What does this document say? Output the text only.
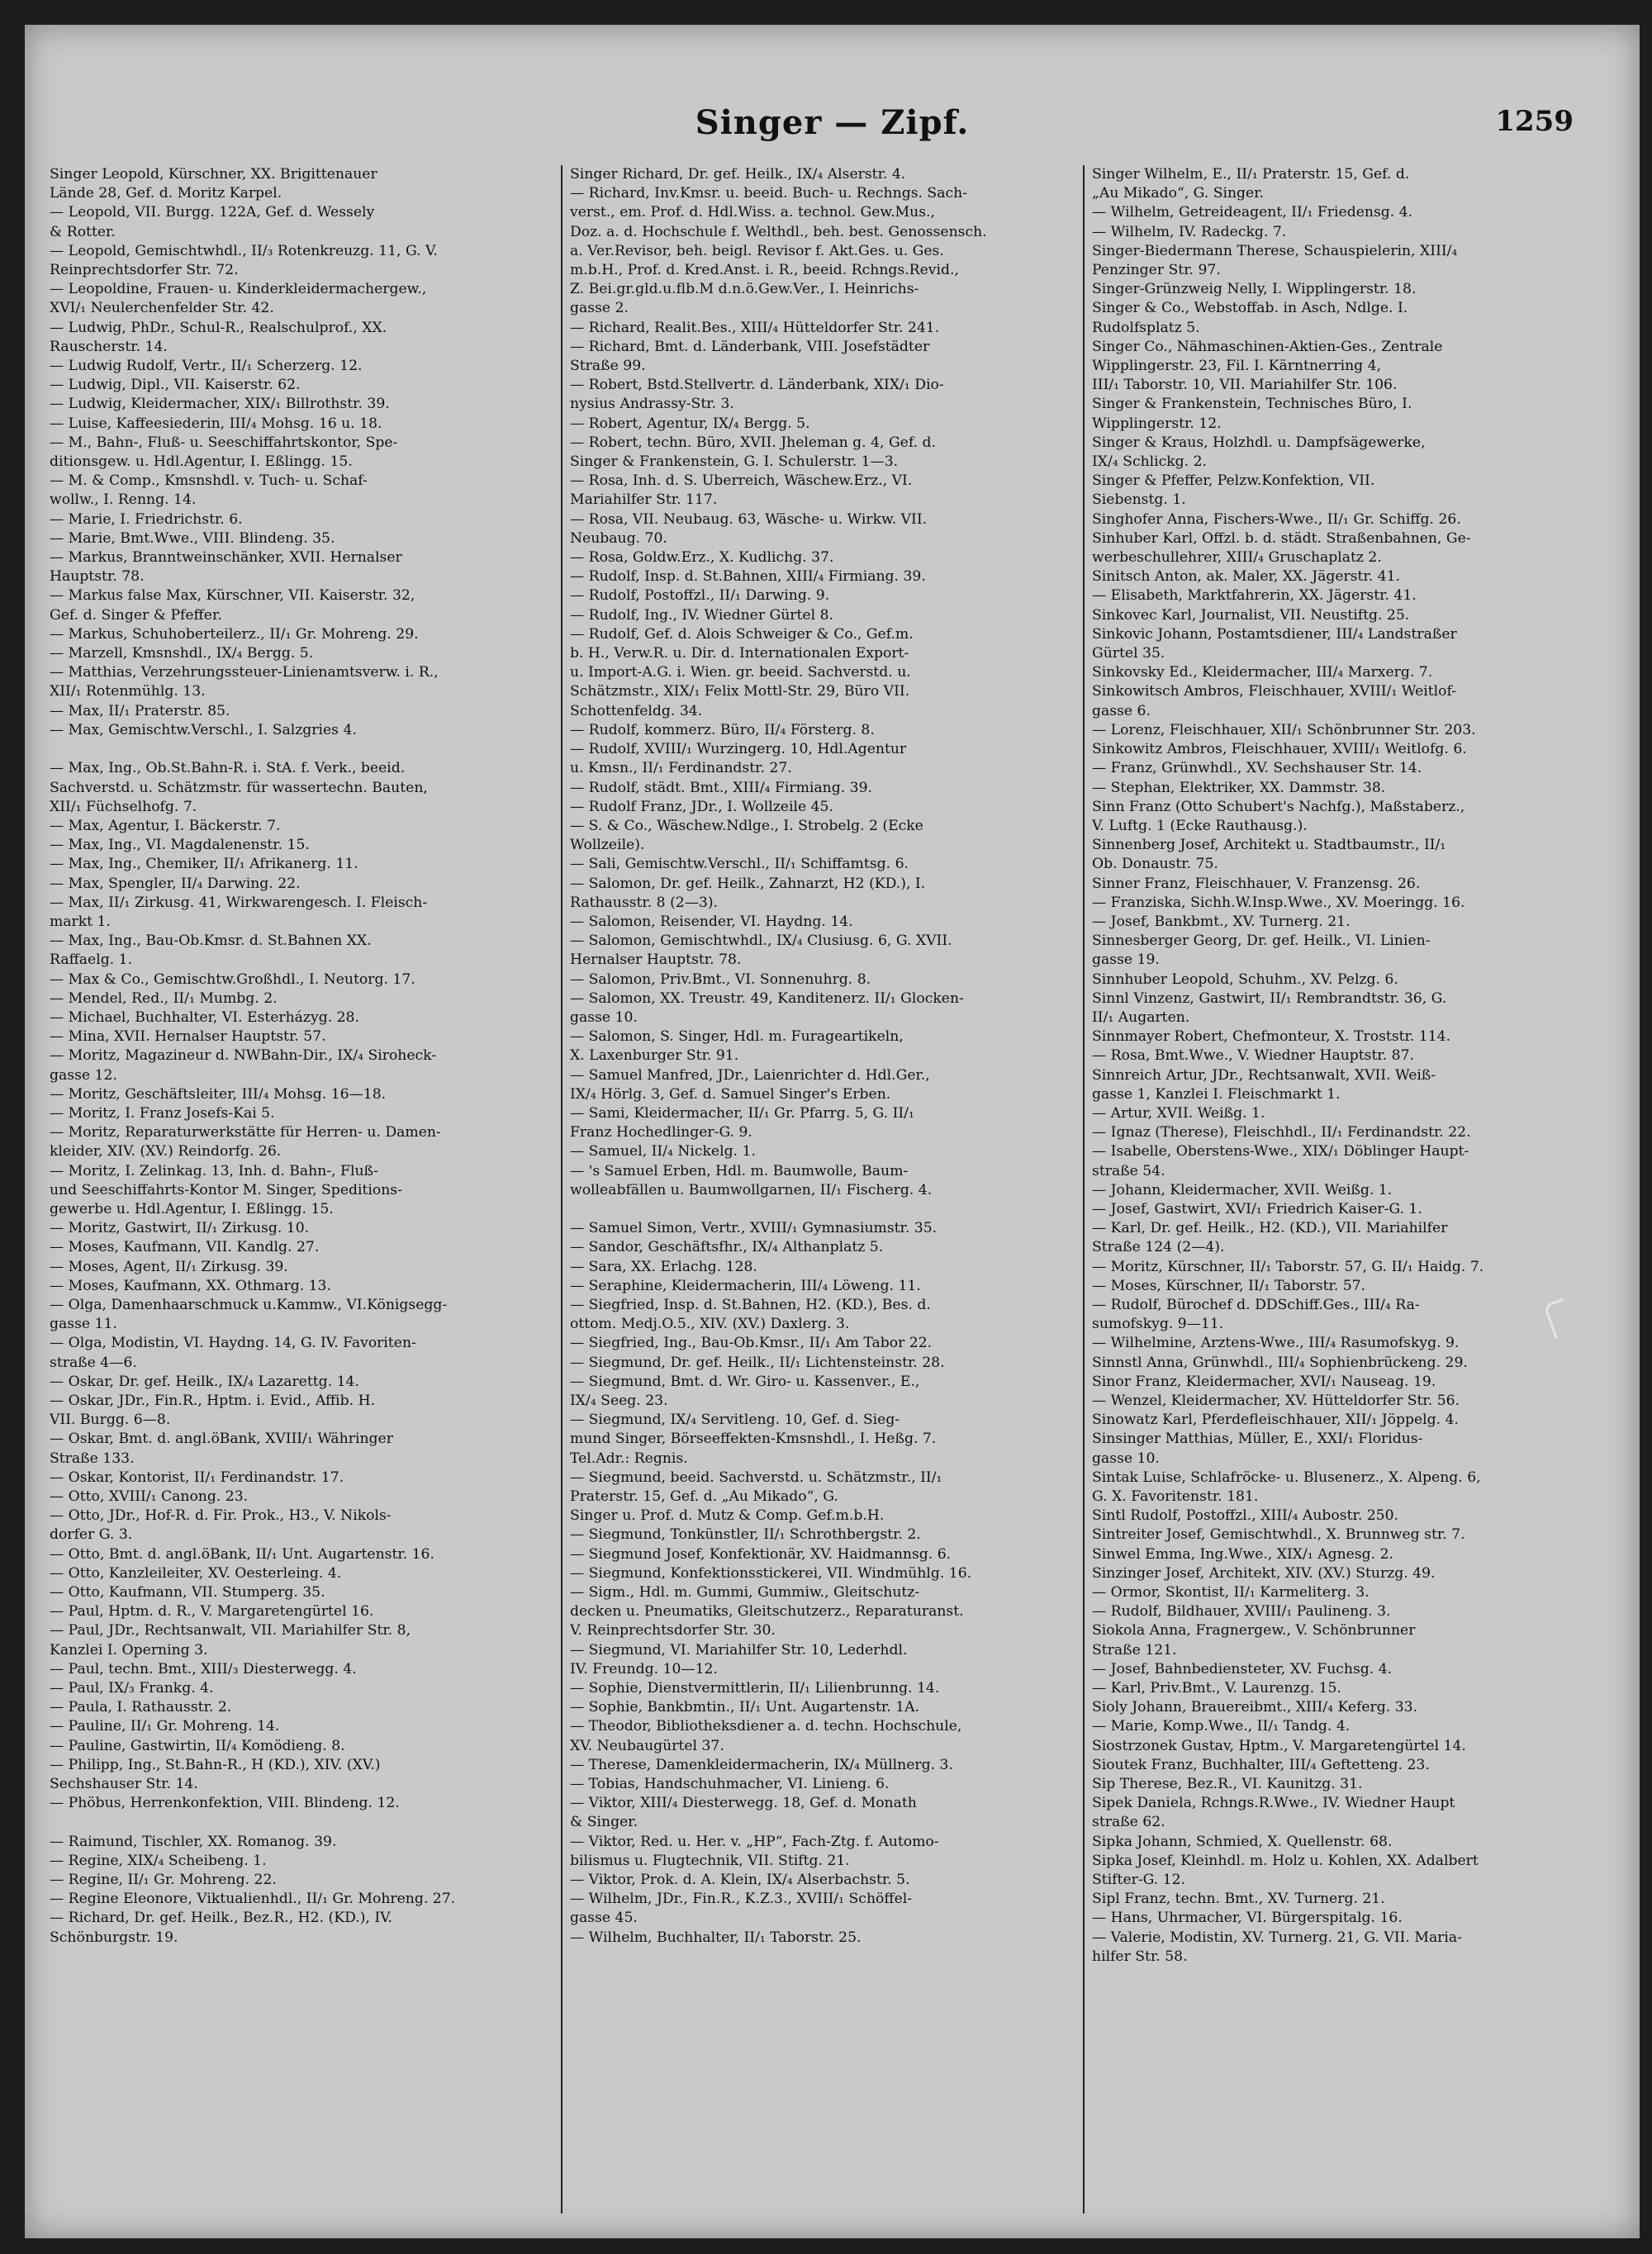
Singer — Zipf.	1259
Singer Leopold, Kürschner, XX. Brigittenauer
Lände 28, Gef. d. Moritz Karpel.
— Leopold, VII. Burgg. 122A, Gef. d. Wessely
& Rotter.
— Leopold, Gemischtwhdl., II/₃ Rotenkreuzg. 11, G. V.
Reinprechtsdorfer Str. 72.
— Leopoldine, Frauen- u. Kinderkleidermachergew.,
XVI/₁ Neulerchenfelder Str. 42.
— Ludwig, PhDr., Schul-R., Realschulprof., XX.
Rauscherstr. 14.
— Ludwig Rudolf, Vertr., II/₁ Scherzerg. 12.
— Ludwig, Dipl., VII. Kaiserstr. 62.
— Ludwig, Kleidermacher, XIX/₁ Billrothstr. 39.
— Luise, Kaffeesiederin, III/₄ Mohsg. 16 u. 18.
— M., Bahn-, Fluß- u. Seeschiffahrtskontor, Spe-
ditionsgew. u. Hdl.Agentur, I. Eßlingg. 15.
— M. & Comp., Kmsnshdl. v. Tuch- u. Schaf-
wollw., I. Renng. 14.
— Marie, I. Friedrichstr. 6.
— Marie, Bmt.Wwe., VIII. Blindeng. 35.
— Markus, Branntweinschänker, XVII. Hernalser
Hauptstr. 78.
— Markus false Max, Kürschner, VII. Kaiserstr. 32,
Gef. d. Singer & Pfeffer.
— Markus, Schuhoberteilerz., II/₁ Gr. Mohreng. 29.
— Marzell, Kmsnshdl., IX/₄ Bergg. 5.
— Matthias, Verzehrungssteuer-Linienamtsverw. i. R.,
XII/₁ Rotenmühlg. 13.
— Max, II/₁ Praterstr. 85.
— Max, Gemischtw.Verschl., I. Salzgries 4.

— Max, Ing., Ob.St.Bahn-R. i. StA. f. Verk., beeid.
Sachverstd. u. Schätzmstr. für wassertechn. Bauten,
XII/₁ Füchselhofg. 7.
— Max, Agentur, I. Bäckerstr. 7.
— Max, Ing., VI. Magdalenenstr. 15.
— Max, Ing., Chemiker, II/₁ Afrikanerg. 11.
— Max, Spengler, II/₄ Darwing. 22.
— Max, II/₁ Zirkusg. 41, Wirkwarengesch. I. Fleisch-
markt 1.
— Max, Ing., Bau-Ob.Kmsr. d. St.Bahnen XX.
Raffaelg. 1.
— Max & Co., Gemischtw.Großhdl., I. Neutorg. 17.
— Mendel, Red., II/₁ Mumbg. 2.
— Michael, Buchhalter, VI. Esterházyg. 28.
— Mina, XVII. Hernalser Hauptstr. 57.
— Moritz, Magazineur d. NWBahn-Dir., IX/₄ Siroheck-
gasse 12.
— Moritz, Geschäftsleiter, III/₄ Mohsg. 16—18.
— Moritz, I. Franz Josefs-Kai 5.
— Moritz, Reparaturwerkstätte für Herren- u. Damen-
kleider, XIV. (XV.) Reindorfg. 26.
— Moritz, I. Zelinkag. 13, Inh. d. Bahn-, Fluß-
und Seeschiffahrts-Kontor M. Singer, Speditions-
gewerbe u. Hdl.Agentur, I. Eßlingg. 15.
— Moritz, Gastwirt, II/₁ Zirkusg. 10.
— Moses, Kaufmann, VII. Kandlg. 27.
— Moses, Agent, II/₁ Zirkusg. 39.
— Moses, Kaufmann, XX. Othmarg. 13.
— Olga, Damenhaarschmuck u.Kammw., VI.Königsegg-
gasse 11.
— Olga, Modistin, VI. Haydng. 14, G. IV. Favoriten-
straße 4—6.
— Oskar, Dr. gef. Heilk., IX/₄ Lazarettg. 14.
— Oskar, JDr., Fin.R., Hptm. i. Evid., Affib. H.
VII. Burgg. 6—8.
— Oskar, Bmt. d. angl.öBank, XVIII/₁ Währinger
Straße 133.
— Oskar, Kontorist, II/₁ Ferdinandstr. 17.
— Otto, XVIII/₁ Canong. 23.
— Otto, JDr., Hof-R. d. Fir. Prok., H3., V. Nikols-
dorfer G. 3.
— Otto, Bmt. d. angl.öBank, II/₁ Unt. Augartenstr. 16.
— Otto, Kanzleileiter, XV. Oesterleing. 4.
— Otto, Kaufmann, VII. Stumperg. 35.
— Paul, Hptm. d. R., V. Margaretengürtel 16.
— Paul, JDr., Rechtsanwalt, VII. Mariahilfer Str. 8,
Kanzlei I. Operning 3.
— Paul, techn. Bmt., XIII/₃ Diesterwegg. 4.
— Paul, IX/₃ Frankg. 4.
— Paula, I. Rathausstr. 2.
— Pauline, II/₁ Gr. Mohreng. 14.
— Pauline, Gastwirtin, II/₄ Komödieng. 8.
— Philipp, Ing., St.Bahn-R., H (KD.), XIV. (XV.)
Sechshauser Str. 14.
— Phöbus, Herrenkonfektion, VIII. Blindeng. 12.

— Raimund, Tischler, XX. Romanog. 39.
— Regine, XIX/₄ Scheibeng. 1.
— Regine, II/₁ Gr. Mohreng. 22.
— Regine Eleonore, Viktualienhdl., II/₁ Gr. Mohreng. 27.
— Richard, Dr. gef. Heilk., Bez.R., H2. (KD.), IV.
Schönburgstr. 19.
Singer Richard, Dr. gef. Heilk., IX/₄ Alserstr. 4.
— Richard, Inv.Kmsr. u. beeid. Buch- u. Rechngs. Sach-
verst., em. Prof. d. Hdl.Wiss. a. technol. Gew.Mus.,
Doz. a. d. Hochschule f. Welthdl., beh. best. Genossensch.
a. Ver.Revisor, beh. beigl. Revisor f. Akt.Ges. u. Ges.
m.b.H., Prof. d. Kred.Anst. i. R., beeid. Rchngs.Revid.,
Z. Bei.gr.gld.u.flb.M d.n.ö.Gew.Ver., I. Heinrichs-
gasse 2.
— Richard, Realit.Bes., XIII/₄ Hütteldorfer Str. 241.
— Richard, Bmt. d. Länderbank, VIII. Josefstädter
Straße 99.
— Robert, Bstd.Stellvertr. d. Länderbank, XIX/₁ Dio-
nysius Andrassy-Str. 3.
— Robert, Agentur, IX/₄ Bergg. 5.
— Robert, techn. Büro, XVII. Jheleman g. 4, Gef. d.
Singer & Frankenstein, G. I. Schulerstr. 1—3.
— Rosa, Inh. d. S. Uberreich, Wäschew.Erz., VI.
Mariahilfer Str. 117.
— Rosa, VII. Neubaug. 63, Wäsche- u. Wirkw. VII.
Neubaug. 70.
— Rosa, Goldw.Erz., X. Kudlichg. 37.
— Rudolf, Insp. d. St.Bahnen, XIII/₄ Firmiang. 39.
— Rudolf, Postoffzl., II/₁ Darwing. 9.
— Rudolf, Ing., IV. Wiedner Gürtel 8.
— Rudolf, Gef. d. Alois Schweiger & Co., Gef.m.
b. H., Verw.R. u. Dir. d. Internationalen Export-
u. Import-A.G. i. Wien. gr. beeid. Sachverstd. u.
Schätzmstr., XIX/₁ Felix Mottl-Str. 29, Büro VII.
Schottenfeldg. 34.
— Rudolf, kommerz. Büro, II/₄ Försterg. 8.
— Rudolf, XVIII/₁ Wurzingerg. 10, Hdl.Agentur
u. Kmsn., II/₁ Ferdinandstr. 27.
— Rudolf, städt. Bmt., XIII/₄ Firmiang. 39.
— Rudolf Franz, JDr., I. Wollzeile 45.
— S. & Co., Wäschew.Ndlge., I. Strobelg. 2 (Ecke
Wollzeile).
— Sali, Gemischtw.Verschl., II/₁ Schiffamtsg. 6.
— Salomon, Dr. gef. Heilk., Zahnarzt, H2 (KD.), I.
Rathausstr. 8 (2—3).
— Salomon, Reisender, VI. Haydng. 14.
— Salomon, Gemischtwhdl., IX/₄ Clusiusg. 6, G. XVII.
Hernalser Hauptstr. 78.
— Salomon, Priv.Bmt., VI. Sonnenuhrg. 8.
— Salomon, XX. Treustr. 49, Kanditenerz. II/₁ Glocken-
gasse 10.
— Salomon, S. Singer, Hdl. m. Furageartikeln,
X. Laxenburger Str. 91.
— Samuel Manfred, JDr., Laienrichter d. Hdl.Ger.,
IX/₄ Hörlg. 3, Gef. d. Samuel Singer's Erben.
— Sami, Kleidermacher, II/₁ Gr. Pfarrg. 5, G. II/₁
Franz Hochedlinger-G. 9.
— Samuel, II/₄ Nickelg. 1.
— 's Samuel Erben, Hdl. m. Baumwolle, Baum-
wolleabfällen u. Baumwollgarnen, II/₁ Fischerg. 4.

— Samuel Simon, Vertr., XVIII/₁ Gymnasiumstr. 35.
— Sandor, Geschäftsfhr., IX/₄ Althanplatz 5.
— Sara, XX. Erlachg. 128.
— Seraphine, Kleidermacherin, III/₄ Löweng. 11.
— Siegfried, Insp. d. St.Bahnen, H2. (KD.), Bes. d.
ottom. Medj.O.5., XIV. (XV.) Daxlerg. 3.
— Siegfried, Ing., Bau-Ob.Kmsr., II/₁ Am Tabor 22.
— Siegmund, Dr. gef. Heilk., II/₁ Lichtensteinstr. 28.
— Siegmund, Bmt. d. Wr. Giro- u. Kassenver., E.,
IX/₄ Seeg. 23.
— Siegmund, IX/₄ Servitleng. 10, Gef. d. Sieg-
mund Singer, Börseeffekten-Kmsnshdl., I. Heßg. 7.
Tel.Adr.: Regnis.
— Siegmund, beeid. Sachverstd. u. Schätzmstr., II/₁
Praterstr. 15, Gef. d. „Au Mikado“, G.
Singer u. Prof. d. Mutz & Comp. Gef.m.b.H.
— Siegmund, Tonkünstler, II/₁ Schrothbergstr. 2.
— Siegmund Josef, Konfektionär, XV. Haidmannsg. 6.
— Siegmund, Konfektionsstickerei, VII. Windmühlg. 16.
— Sigm., Hdl. m. Gummi, Gummiw., Gleitschutz-
decken u. Pneumatiks, Gleitschutzerz., Reparaturanst.
V. Reinprechtsdorfer Str. 30.
— Siegmund, VI. Mariahilfer Str. 10, Lederhdl.
IV. Freundg. 10—12.
— Sophie, Dienstvermittlerin, II/₁ Lilienbrunng. 14.
— Sophie, Bankbmtin., II/₁ Unt. Augartenstr. 1A.
— Theodor, Bibliotheksdiener a. d. techn. Hochschule,
XV. Neubaugürtel 37.
— Therese, Damenkleidermacherin, IX/₄ Müllnerg. 3.
— Tobias, Handschuhmacher, VI. Linieng. 6.
— Viktor, XIII/₄ Diesterwegg. 18, Gef. d. Monath
& Singer.
— Viktor, Red. u. Her. v. „HP“, Fach-Ztg. f. Automo-
bilismus u. Flugtechnik, VII. Stiftg. 21.
— Viktor, Prok. d. A. Klein, IX/₄ Alserbachstr. 5.
— Wilhelm, JDr., Fin.R., K.Z.3., XVIII/₁ Schöffel-
gasse 45.
— Wilhelm, Buchhalter, II/₁ Taborstr. 25.
Singer Wilhelm, E., II/₁ Praterstr. 15, Gef. d.
„Au Mikado“, G. Singer.
— Wilhelm, Getreideagent, II/₁ Friedensg. 4.
— Wilhelm, IV. Radeckg. 7.
Singer-Biedermann Therese, Schauspielerin, XIII/₄
Penzinger Str. 97.
Singer-Grünzweig Nelly, I. Wipplingerstr. 18.
Singer & Co., Webstoffab. in Asch, Ndlge. I.
Rudolfsplatz 5.
Singer Co., Nähmaschinen-Aktien-Ges., Zentrale
Wipplingerstr. 23, Fil. I. Kärntnerring 4,
III/₁ Taborstr. 10, VII. Mariahilfer Str. 106.
Singer & Frankenstein, Technisches Büro, I.
Wipplingerstr. 12.
Singer & Kraus, Holzhdl. u. Dampfsägewerke,
IX/₄ Schlickg. 2.
Singer & Pfeffer, Pelzw.Konfektion, VII.
Siebenstg. 1.
Singhofer Anna, Fischers-Wwe., II/₁ Gr. Schiffg. 26.
Sinhuber Karl, Offzl. b. d. städt. Straßenbahnen, Ge-
werbeschullehrer, XIII/₄ Gruschaplatz 2.
Sinitsch Anton, ak. Maler, XX. Jägerstr. 41.
— Elisabeth, Marktfahrerin, XX. Jägerstr. 41.
Sinkovec Karl, Journalist, VII. Neustiftg. 25.
Sinkovic Johann, Postamtsdiener, III/₄ Landstraßer
Gürtel 35.
Sinkovsky Ed., Kleidermacher, III/₄ Marxerg. 7.
Sinkowitsch Ambros, Fleischhauer, XVIII/₁ Weitlof-
gasse 6.
— Lorenz, Fleischhauer, XII/₁ Schönbrunner Str. 203.
Sinkowitz Ambros, Fleischhauer, XVIII/₁ Weitlofg. 6.
— Franz, Grünwhdl., XV. Sechshauser Str. 14.
— Stephan, Elektriker, XX. Dammstr. 38.
Sinn Franz (Otto Schubert's Nachfg.), Maßstaberz.,
V. Luftg. 1 (Ecke Rauthausg.).
Sinnenberg Josef, Architekt u. Stadtbaumstr., II/₁
Ob. Donaustr. 75.
Sinner Franz, Fleischhauer, V. Franzensg. 26.
— Franziska, Sichh.W.Insp.Wwe., XV. Moeringg. 16.
— Josef, Bankbmt., XV. Turnerg. 21.
Sinnesberger Georg, Dr. gef. Heilk., VI. Linien-
gasse 19.
Sinnhuber Leopold, Schuhm., XV. Pelzg. 6.
Sinnl Vinzenz, Gastwirt, II/₁ Rembrandtstr. 36, G.
II/₁ Augarten.
Sinnmayer Robert, Chefmonteur, X. Troststr. 114.
— Rosa, Bmt.Wwe., V. Wiedner Hauptstr. 87.
Sinnreich Artur, JDr., Rechtsanwalt, XVII. Weiß-
gasse 1, Kanzlei I. Fleischmarkt 1.
— Artur, XVII. Weißg. 1.
— Ignaz (Therese), Fleischhdl., II/₁ Ferdinandstr. 22.
— Isabelle, Oberstens-Wwe., XIX/₁ Döblinger Haupt-
straße 54.
— Johann, Kleidermacher, XVII. Weißg. 1.
— Josef, Gastwirt, XVI/₁ Friedrich Kaiser-G. 1.
— Karl, Dr. gef. Heilk., H2. (KD.), VII. Mariahilfer
Straße 124 (2—4).
— Moritz, Kürschner, II/₁ Taborstr. 57, G. II/₁ Haidg. 7.
— Moses, Kürschner, II/₁ Taborstr. 57.
— Rudolf, Bürochef d. DDSchiff.Ges., III/₄ Ra-
sumofskyg. 9—11.
— Wilhelmine, Arztens-Wwe., III/₄ Rasumofskyg. 9.
Sinnstl Anna, Grünwhdl., III/₄ Sophienbrückeng. 29.
Sinor Franz, Kleidermacher, XVI/₁ Nauseag. 19.
— Wenzel, Kleidermacher, XV. Hütteldorfer Str. 56.
Sinowatz Karl, Pferdefleischhauer, XII/₁ Jöppelg. 4.
Sinsinger Matthias, Müller, E., XXI/₁ Floridus-
gasse 10.
Sintak Luise, Schlafröcke- u. Blusenerz., X. Alpeng. 6,
G. X. Favoritenstr. 181.
Sintl Rudolf, Postoffzl., XIII/₄ Aubostr. 250.
Sintreiter Josef, Gemischtwhdl., X. Brunnweg str. 7.
Sinwel Emma, Ing.Wwe., XIX/₁ Agnesg. 2.
Sinzinger Josef, Architekt, XIV. (XV.) Sturzg. 49.
— Ormor, Skontist, II/₁ Karmeliterg. 3.
— Rudolf, Bildhauer, XVIII/₁ Paulineng. 3.
Siokola Anna, Fragnergew., V. Schönbrunner
Straße 121.
— Josef, Bahnbediensteter, XV. Fuchsg. 4.
— Karl, Priv.Bmt., V. Laurenzg. 15.
Sioly Johann, Brauereibmt., XIII/₄ Keferg. 33.
— Marie, Komp.Wwe., II/₁ Tandg. 4.
Siostrzonek Gustav, Hptm., V. Margaretengürtel 14.
Sioutek Franz, Buchhalter, III/₄ Geftetteng. 23.
Sip Therese, Bez.R., VI. Kaunitzg. 31.
Sipek Daniela, Rchngs.R.Wwe., IV. Wiedner Haupt
straße 62.
Sipka Johann, Schmied, X. Quellenstr. 68.
Sipka Josef, Kleinhdl. m. Holz u. Kohlen, XX. Adalbert
Stifter-G. 12.
Sipl Franz, techn. Bmt., XV. Turnerg. 21.
— Hans, Uhrmacher, VI. Bürgerspitalg. 16.
— Valerie, Modistin, XV. Turnerg. 21, G. VII. Maria-
hilfer Str. 58.
